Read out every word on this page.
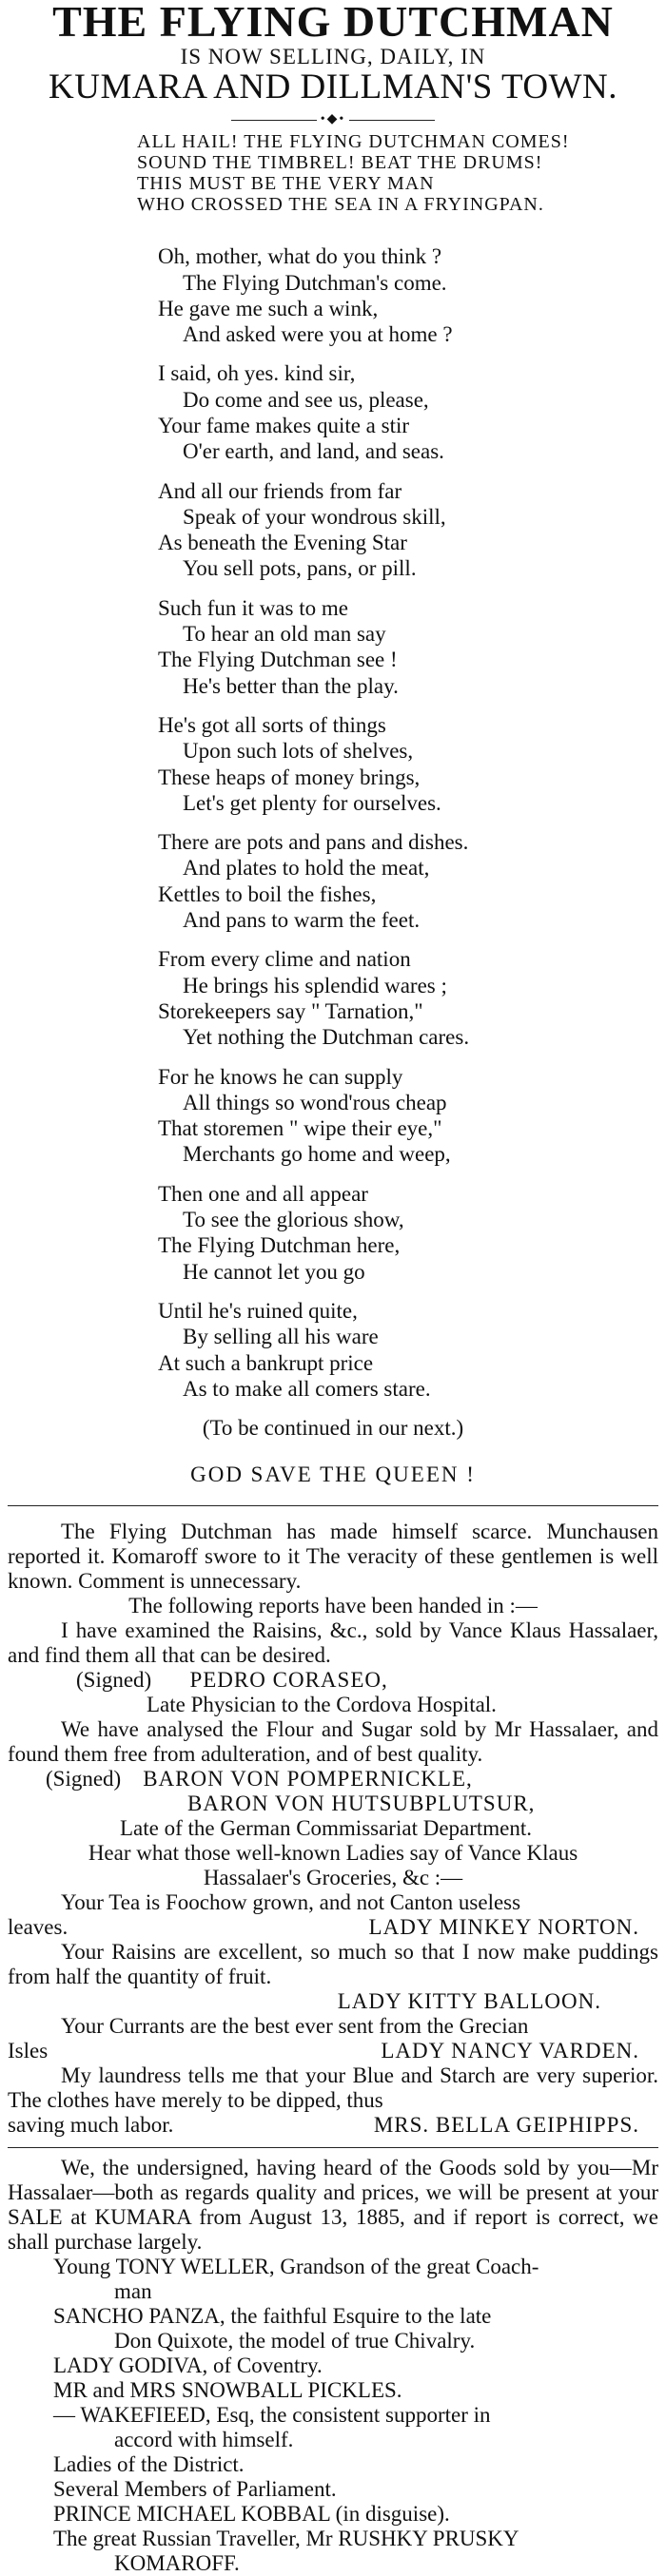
THE FLYING DUTCHMAN
IS NOW SELLING, DAILY, IN
KUMARA AND DILLMAN'S TOWN.
•◆•
ALL HAIL! THE FLYING DUTCHMAN COMES!
SOUND THE TIMBREL! BEAT THE DRUMS!
THIS MUST BE THE VERY MAN
WHO CROSSED THE SEA IN A FRYINGPAN.
Oh, mother, what do you think ?
The Flying Dutchman's come.
He gave me such a wink,
And asked were you at home ?
I said, oh yes. kind sir,
Do come and see us, please,
Your fame makes quite a stir
O'er earth, and land, and seas.
And all our friends from far
Speak of your wondrous skill,
As beneath the Evening Star
You sell pots, pans, or pill.
Such fun it was to me
To hear an old man say
The Flying Dutchman see !
He's better than the play.
He's got all sorts of things
Upon such lots of shelves,
These heaps of money brings,
Let's get plenty for ourselves.
There are pots and pans and dishes.
And plates to hold the meat,
Kettles to boil the fishes,
And pans to warm the feet.
From every clime and nation
He brings his splendid wares ;
Storekeepers say " Tarnation,"
Yet nothing the Dutchman cares.
For he knows he can supply
All things so wond'rous cheap
That storemen " wipe their eye,"
Merchants go home and weep,
Then one and all appear
To see the glorious show,
The Flying Dutchman here,
He cannot let you go
Until he's ruined quite,
By selling all his ware
At such a bankrupt price
As to make all comers stare.
(To be continued in our next.)
GOD SAVE THE QUEEN !

The Flying Dutchman has made himself scarce. Munchausen reported it. Komaroff swore to it The veracity of these gentlemen is well known. Comment is unnecessary.

The following reports have been handed in :—

I have examined the Raisins, &c., sold by Vance Klaus Hassalaer, and find them all that can be desired.

(Signed) PEDRO CORASEO,
Late Physician to the Cordova Hospital.

We have analysed the Flour and Sugar sold by Mr Hassalaer, and found them free from adulteration, and of best quality.

(Signed) BARON VON POMPERNICKLE,
BARON VON HUTSUBPLUTSUR,
Late of the German Commissariat Department.
Hear what those well-known Ladies say of Vance Klaus
Hassalaer's Groceries, &c :—

Your Tea is Foochow grown, and not Canton useless

leaves.	LADY MINKEY NORTON.

Your Raisins are excellent, so much so that I now make puddings from half the quantity of fruit.

LADY KITTY BALLOON.

Your Currants are the best ever sent from the Grecian

Isles	LADY NANCY VARDEN.

My laundress tells me that your Blue and Starch are very superior. The clothes have merely to be dipped, thus

saving much labor.	MRS. BELLA GEIPHIPPS.

We, the undersigned, having heard of the Goods sold by you—Mr Hassalaer—both as regards quality and prices, we will be present at your SALE at KUMARA from August 13, 1885, and if report is correct, we shall purchase largely.

Young TONY WELLER, Grandson of the great Coach-
man
SANCHO PANZA, the faithful Esquire to the late
Don Quixote, the model of true Chivalry.
LADY GODIVA, of Coventry.
MR and MRS SNOWBALL PICKLES.
— WAKEFIEED, Esq, the consistent supporter in
accord with himself.
Ladies of the District.
Several Members of Parliament.
PRINCE MICHAEL KOBBAL (in disguise).
The great Russian Traveller, Mr RUSHKY PRUSKY
KOMAROFF.
